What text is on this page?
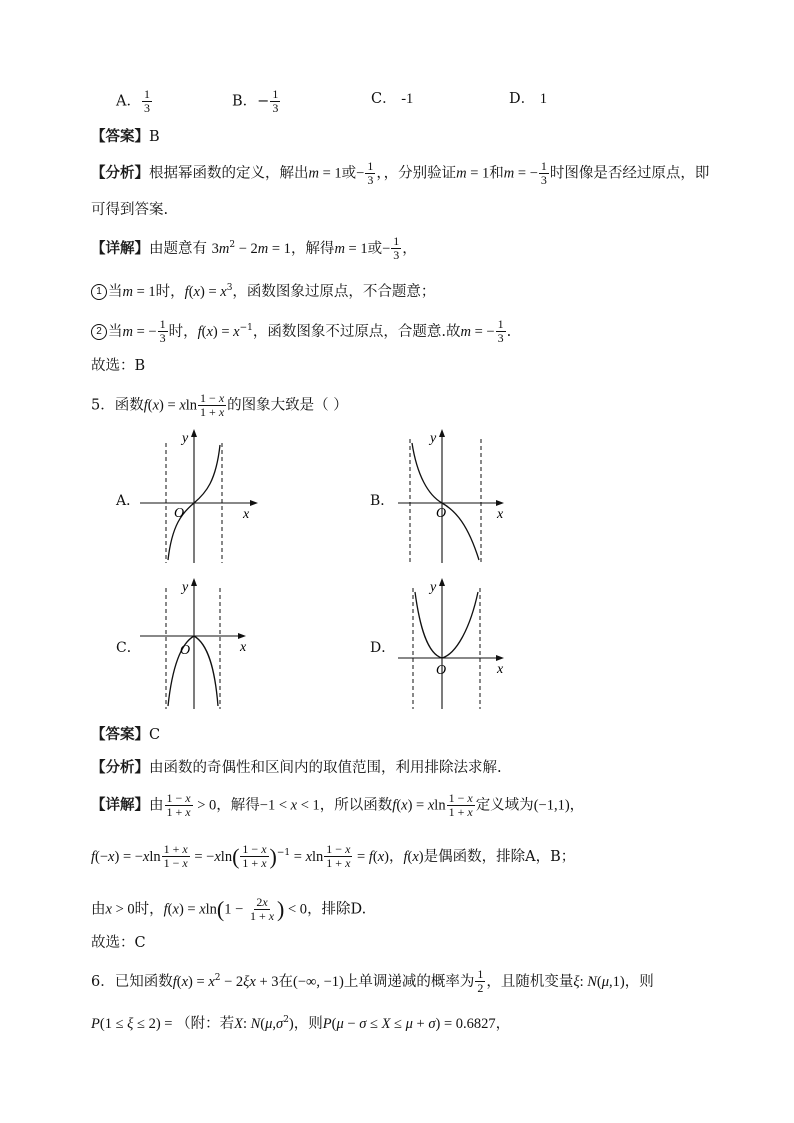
A． $\frac{1}{3}$	B．− $\frac{1}{3}$	C． -1	D． 1
【答案】B
【分析】根据幂函数的定义，解出m = 1或− $\frac{1}{3}$ ，，分别验证m = 1和m = − $\frac{1}{3}$ 时图像是否经过原点，即
可得到答案.
【详解】由题意有 $3m^2 - 2m = 1$，解得m = 1或− $\frac{1}{3}$ ，
1 当m = 1时，$f(x) = x^3$，函数图象过原点，不合题意；
2 当m = − $\frac{1}{3}$ 时，$f(x) = x^{-1}$，函数图象不过原点，合题意.故m = − $\frac{1}{3}$ .
故选：B
5．函数f(x) = xln $\frac{1 - x}{1 + x}$ 的图象大致是（ ）
A．
x
y
O
B．
x
y
O
C．	x
y
O	D．
x
y
O
【答案】C
【分析】由函数的奇偶性和区间内的取值范围，利用排除法求解.
【详解】由 $\frac{1 - x}{1 + x} > 0$，解得−1 < x < 1，所以函数f(x) = xln $\frac{1 - x}{1 + x}$ 定义域为(−1,1)，
$f(-x) = -xln \frac{1 + x}{1 - x} = -xln( \frac{1 - x}{1 + x} )^{-1} = xln \frac{1 - x}{1 + x} = f(x)$，f(x)是偶函数，排除A，B；
由x > 0时，$f(x) = xln(1 - \frac{2x}{1 + x}$ ) < 0，排除D.
故选：C
6．已知函数$f(x) = x^2 - 2\xi x + 3$在(−∞, −1)上单调递减的概率为 $\frac{1}{2}$ ，且随机变量ξ: N(μ,1)，则
P(1 ≤ ξ ≤ 2) = （附：若X: $N(\mu,\sigma^2)$，则P(μ − σ ≤ X ≤ μ + σ) = 0.6827，
